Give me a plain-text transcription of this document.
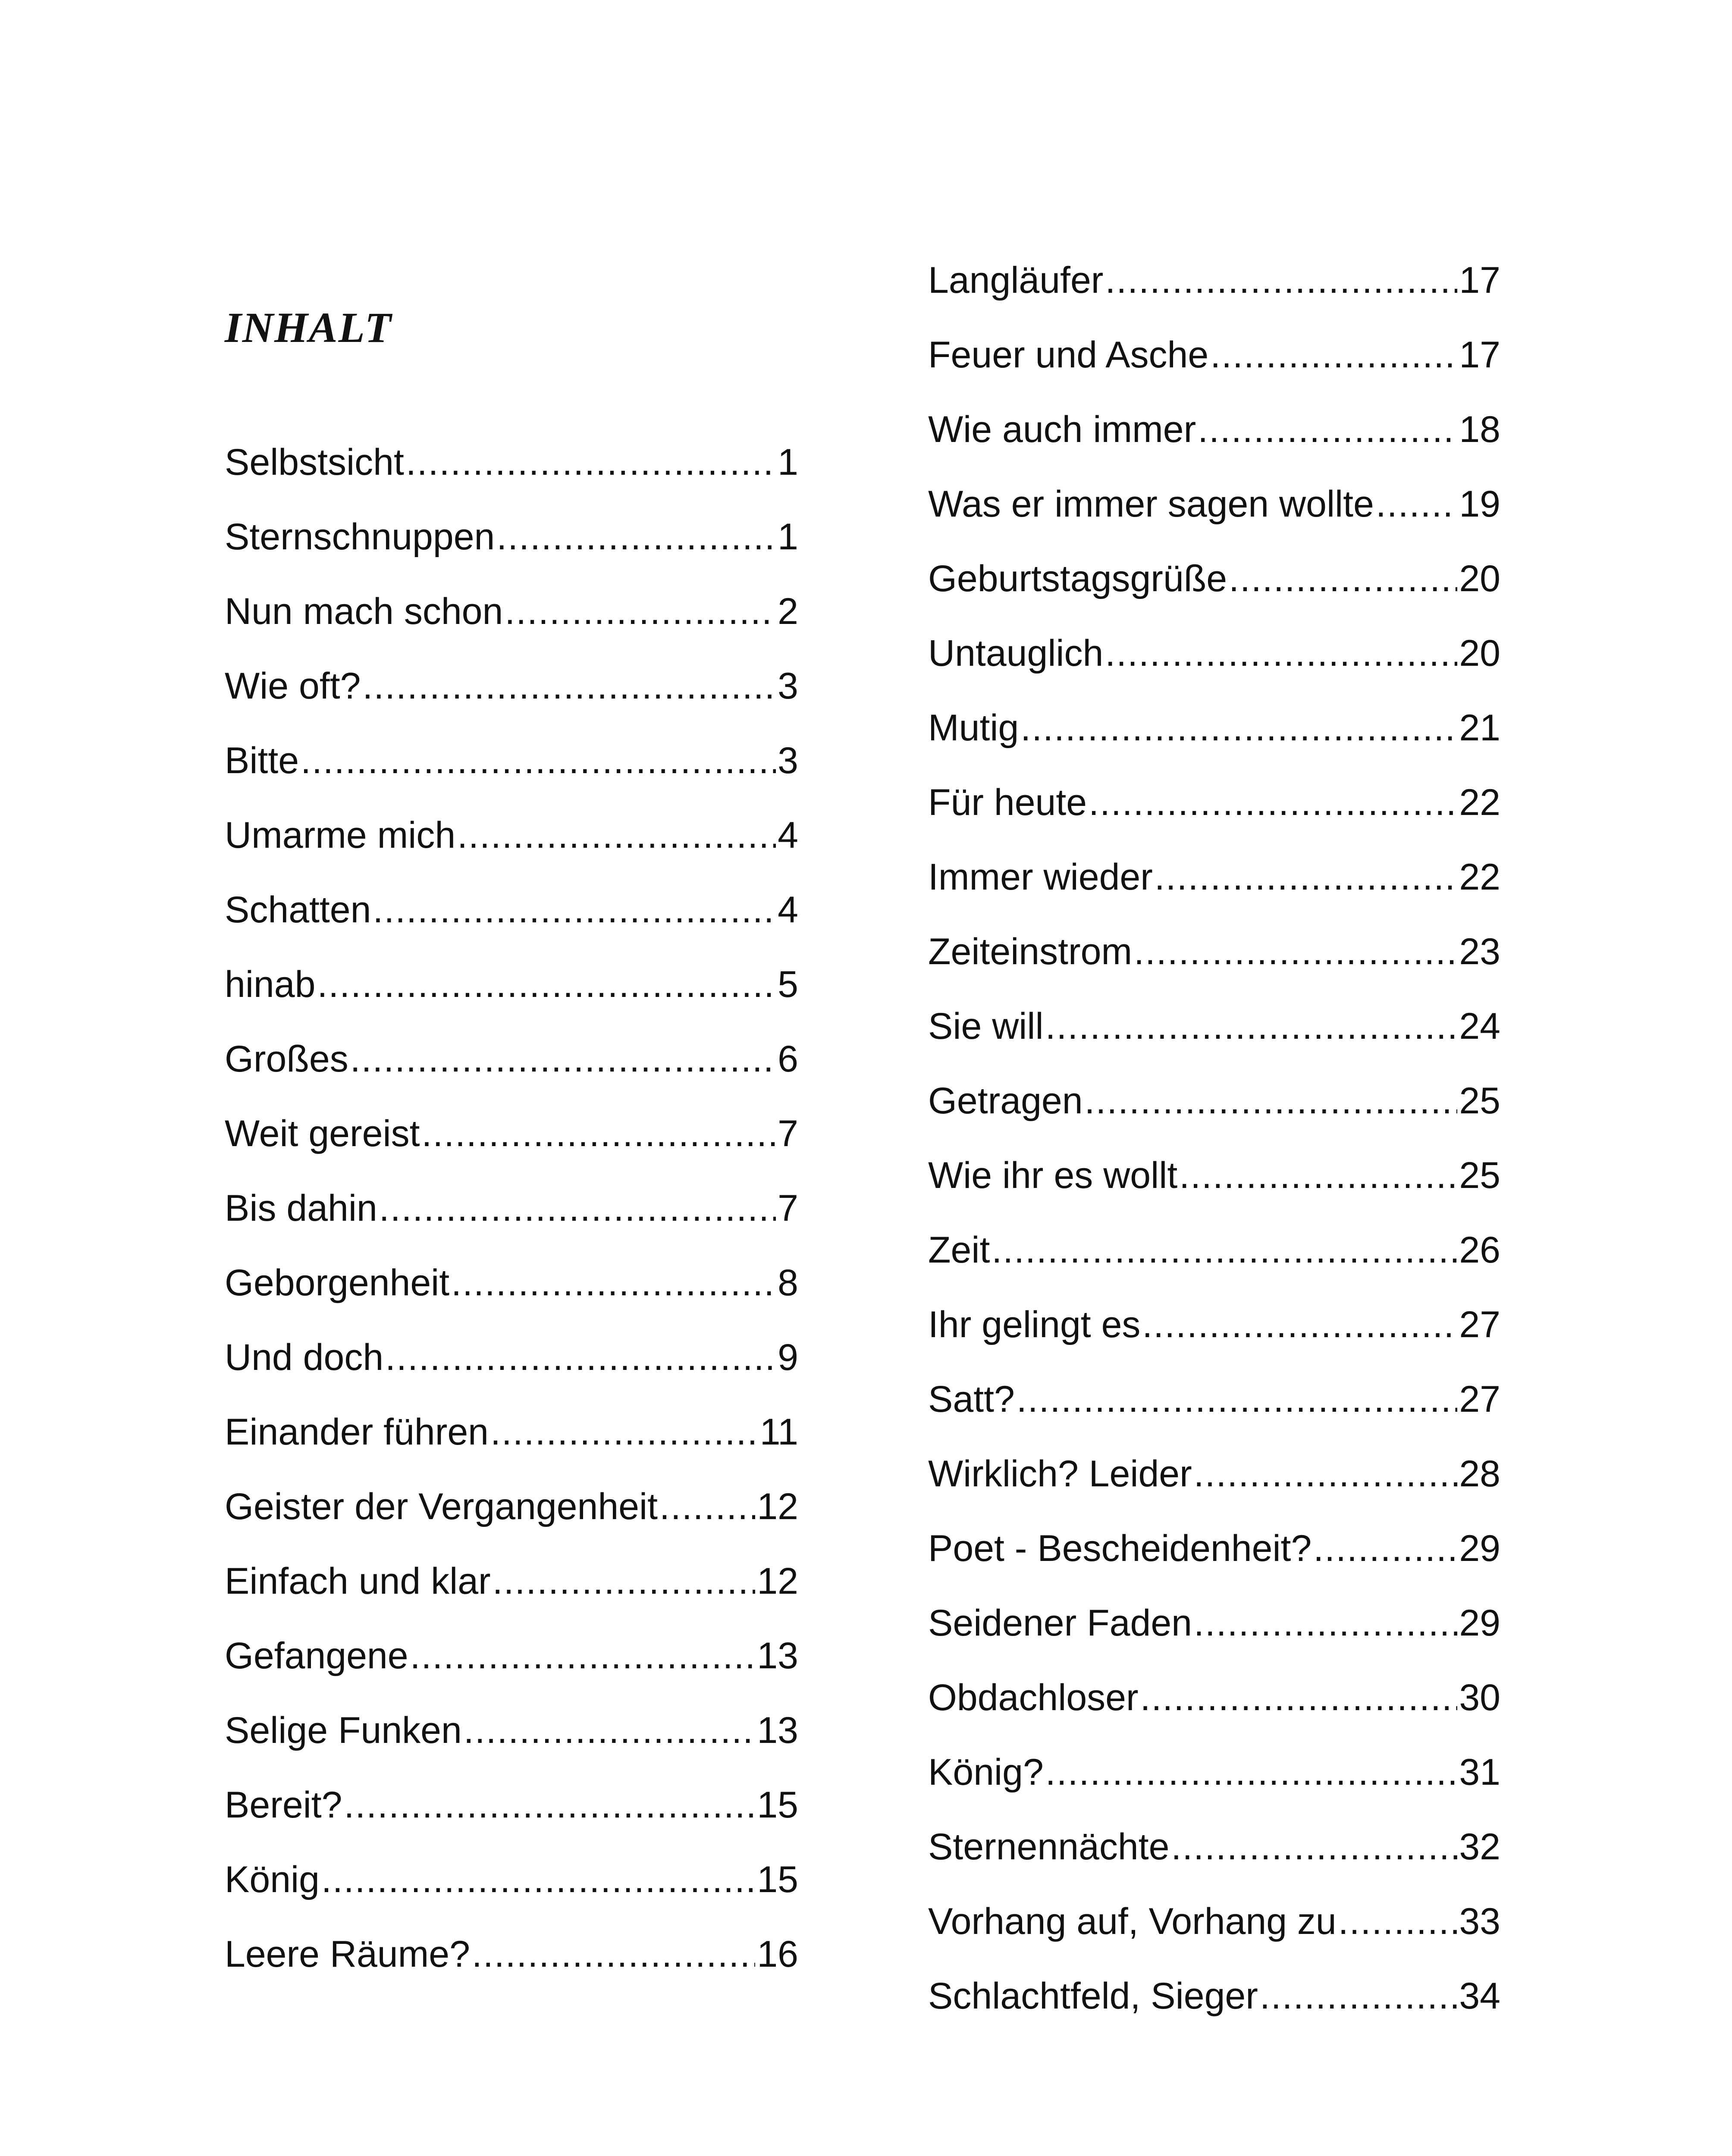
INHALT
Selbstsicht .....	1
Sternschnuppen .....	1
Nun mach schon .....	2
Wie oft? .....	3
Bitte .....	3
Umarme mich .....	4
Schatten .....	4
hinab .....	5
Großes .....	6
Weit gereist .....	7
Bis dahin .....	7
Geborgenheit .....	8
Und doch .....	9
Einander führen .....	11
Geister der Vergangenheit .....	12
Einfach und klar .....	12
Gefangene .....	13
Selige Funken .....	13
Bereit? .....	15
König .....	15
Leere Räume? .....	16
Langläufer .....	17
Feuer und Asche .....	17
Wie auch immer .....	18
Was er immer sagen wollte ..... 19
Geburtstagsgrüße .....	20
Untauglich .....	20
Mutig .....	21
Für heute .....	22
Immer wieder .....	22
Zeiteinstrom .....	23
Sie will .....	24
Getragen .....	25
Wie ihr es wollt .....	25
Zeit .....	26
Ihr gelingt es .....	27
Satt? .....	27
Wirklich? Leider .....	28
Poet - Bescheidenheit? .....	29
Seidener Faden .....	29
Obdachloser .....	30
König? .....	31
Sternennächte .....	32
Vorhang auf, Vorhang zu .....	33
Schlachtfeld, Sieger .....	34
